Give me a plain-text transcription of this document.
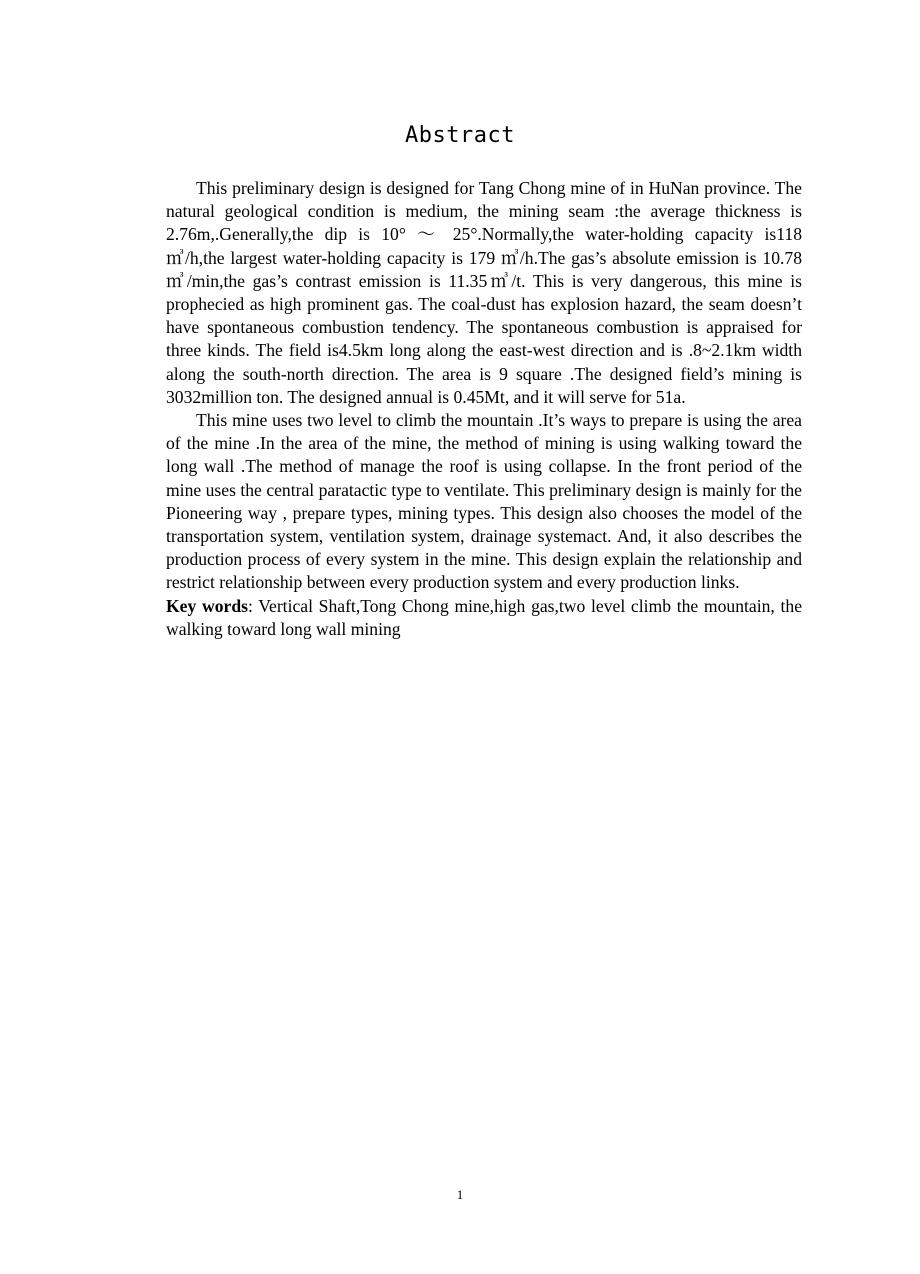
Abstract

This preliminary design is designed for Tang Chong mine of in HuNan province. The natural geological condition is medium, the mining seam :the average thickness is 2.76m,.Generally,the dip is 10° ～ 25°.Normally,the water-holding capacity is118 ㎥/h,the largest water-holding capacity is 179 ㎥/h.The gas’s absolute emission is 10.78㎥/min,the gas’s contrast emission is 11.35㎥/t. This is very dangerous, this mine is prophecied as high prominent gas. The coal-dust has explosion hazard, the seam doesn’t have spontaneous combustion tendency. The spontaneous combustion is appraised for three kinds. The field is4.5km long along the east-west direction and is .8~2.1km width along the south-north direction. The area is 9 square .The designed field’s mining is 3032million ton. The designed annual is 0.45Mt, and it will serve for 51a.

This mine uses two level to climb the mountain .It’s ways to prepare is using the area of the mine .In the area of the mine, the method of mining is using walking toward the long wall .The method of manage the roof is using collapse. In the front period of the mine uses the central paratactic type to ventilate. This preliminary design is mainly for the Pioneering way , prepare types, mining types. This design also chooses the model of the transportation system, ventilation system, drainage systemact. And, it also describes the production process of every system in the mine. This design explain the relationship and restrict relationship between every production system and every production links.

Key words: Vertical Shaft,Tong Chong mine,high gas,two level climb the mountain, the walking toward long wall mining

1
